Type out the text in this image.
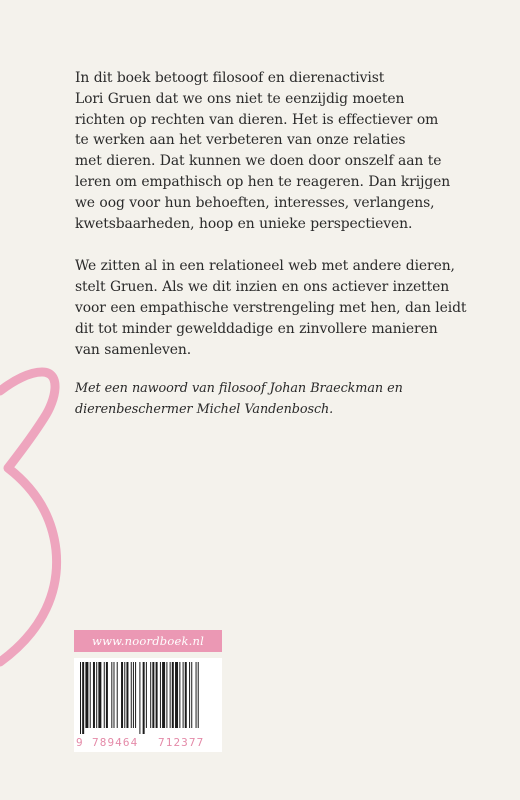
In dit boek betoogt filosoof en dierenactivist
Lori Gruen dat we ons niet te eenzijdig moeten
richten op rechten van dieren. Het is effectiever om
te werken aan het verbeteren van onze relaties
met dieren. Dat kunnen we doen door onszelf aan te
leren om empathisch op hen te reageren. Dan krijgen
we oog voor hun behoeften, interesses, verlangens,
kwetsbaarheden, hoop en unieke perspectieven.

We zitten al in een relationeel web met andere dieren,
stelt Gruen. Als we dit inzien en ons actiever inzetten
voor een empathische verstrengeling met hen, dan leidt
dit tot minder gewelddadige en zinvollere manieren
van samenleven.

Met een nawoord van filosoof Johan Braeckman en
dierenbeschermer Michel Vandenbosch.

www.noordboek.nl
9 789464 712377
